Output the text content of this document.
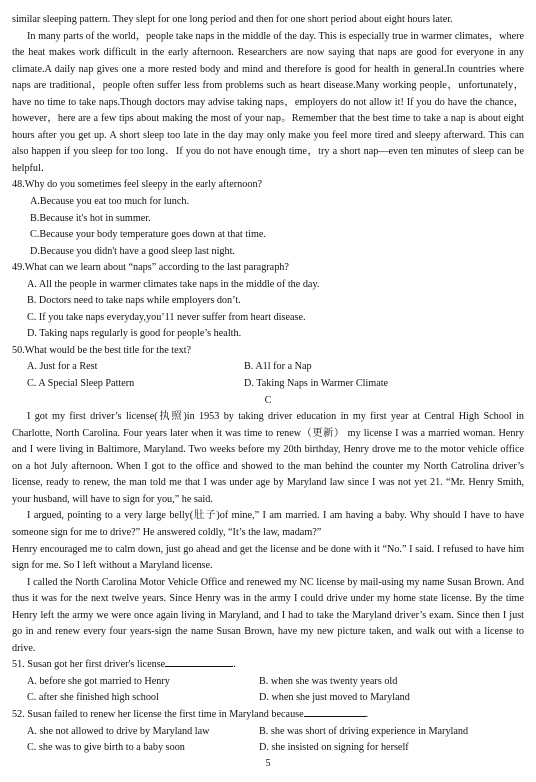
similar sleeping pattern. They slept for one long period and then for one short period about eight hours later.

In many parts of the world，people take naps in the middle of the day. This is especially true in warmer climates，where the heat makes work difficult in the early afternoon. Researchers are now saying that naps are good for everyone in any climate.A daily nap gives one a more rested body and mind and therefore is good for health in general.In countries where naps are traditional，people often suffer less from problems such as heart disease.Many working people，unfortunately，have no time to take naps.Though doctors may advise taking naps，employers do not allow it! If you do have the chance，however，here are a few tips about making the most of your nap。Remember that the best time to take a nap is about eight hours after you get up. A short sleep too late in the day may only make you feel more tired and sleepy afterward. This can also happen if you sleep for too long．If you do not have enough time，try a short nap—even ten minutes of sleep can be helpful．

48.Why do you sometimes feel sleepy in the early afternoon?

A.Because you eat too much for lunch.

B.Because it's hot in summer.

C.Because your body temperature goes down at that time.

D.Because you didn't have a good sleep last night.

49.What can we learn about “naps” according to the last paragraph?

A. All the people in warmer climates take naps in the middle of the day.

B. Doctors need to take naps while employers don’t.

C. If you take naps everyday,you’11 never suffer from heart disease.

D. Taking naps regularly is good for people’s health.

50.What would be the best title for the text?

A. Just for a Rest	B. A1l for a Nap
C. A Special Sleep Pattern	D. Taking Naps in Warmer Climate

C

I got my first driver’s license(执照)in 1953 by taking driver education in my first year at Central High School in Charlotte, North Carolina. Four years later when it was time to renew（更新） my license I was a married woman. Henry and I were living in Baltimore, Maryland. Two weeks before my 20th birthday, Henry drove me to the motor vehicle office on a hot July afternoon. When I got to the office and showed to the man behind the counter my North Catrolina driver’s license, ready to renew, the man told me that I was under age by Maryland law since I was not yet 21. “Mr. Henry Smith, your husband, will have to sign for you,” he said.

I argued, pointing to a very large belly(肚子)of mine,” I am married. I am having a baby. Why should I have to have someone sign for me to drive?” He answered coldly, “It’s the law, madam?”

Henry encouraged me to calm down, just go ahead and get the license and be done with it “No.” I said. I refused to have him sign for me. So I left without a Maryland license.

I called the North Carolina Motor Vehicle Office and renewed my NC license by mail-using my name Susan Brown. And thus it was for the next twelve years. Since Henry was in the army I could drive under my home state license. By the time Henry left the army we were once again living in Maryland, and I had to take the Maryland driver’s exam. Since then I just go in and renew every four years-sign the name Susan Brown, have my new picture taken, and walk out with a license to drive.

51. Susan got her first driver's license	.

A. before she got married to Henry	B. when she was twenty years old
C. after she finished high school	D. when she just moved to Maryland

52. Susan failed to renew her license the first time in Maryland because	.

A. she not allowed to drive by Maryland law	B. she was short of driving experience in Maryland
C. she was to give birth to a baby soon	D. she insisted on signing for herself
5
